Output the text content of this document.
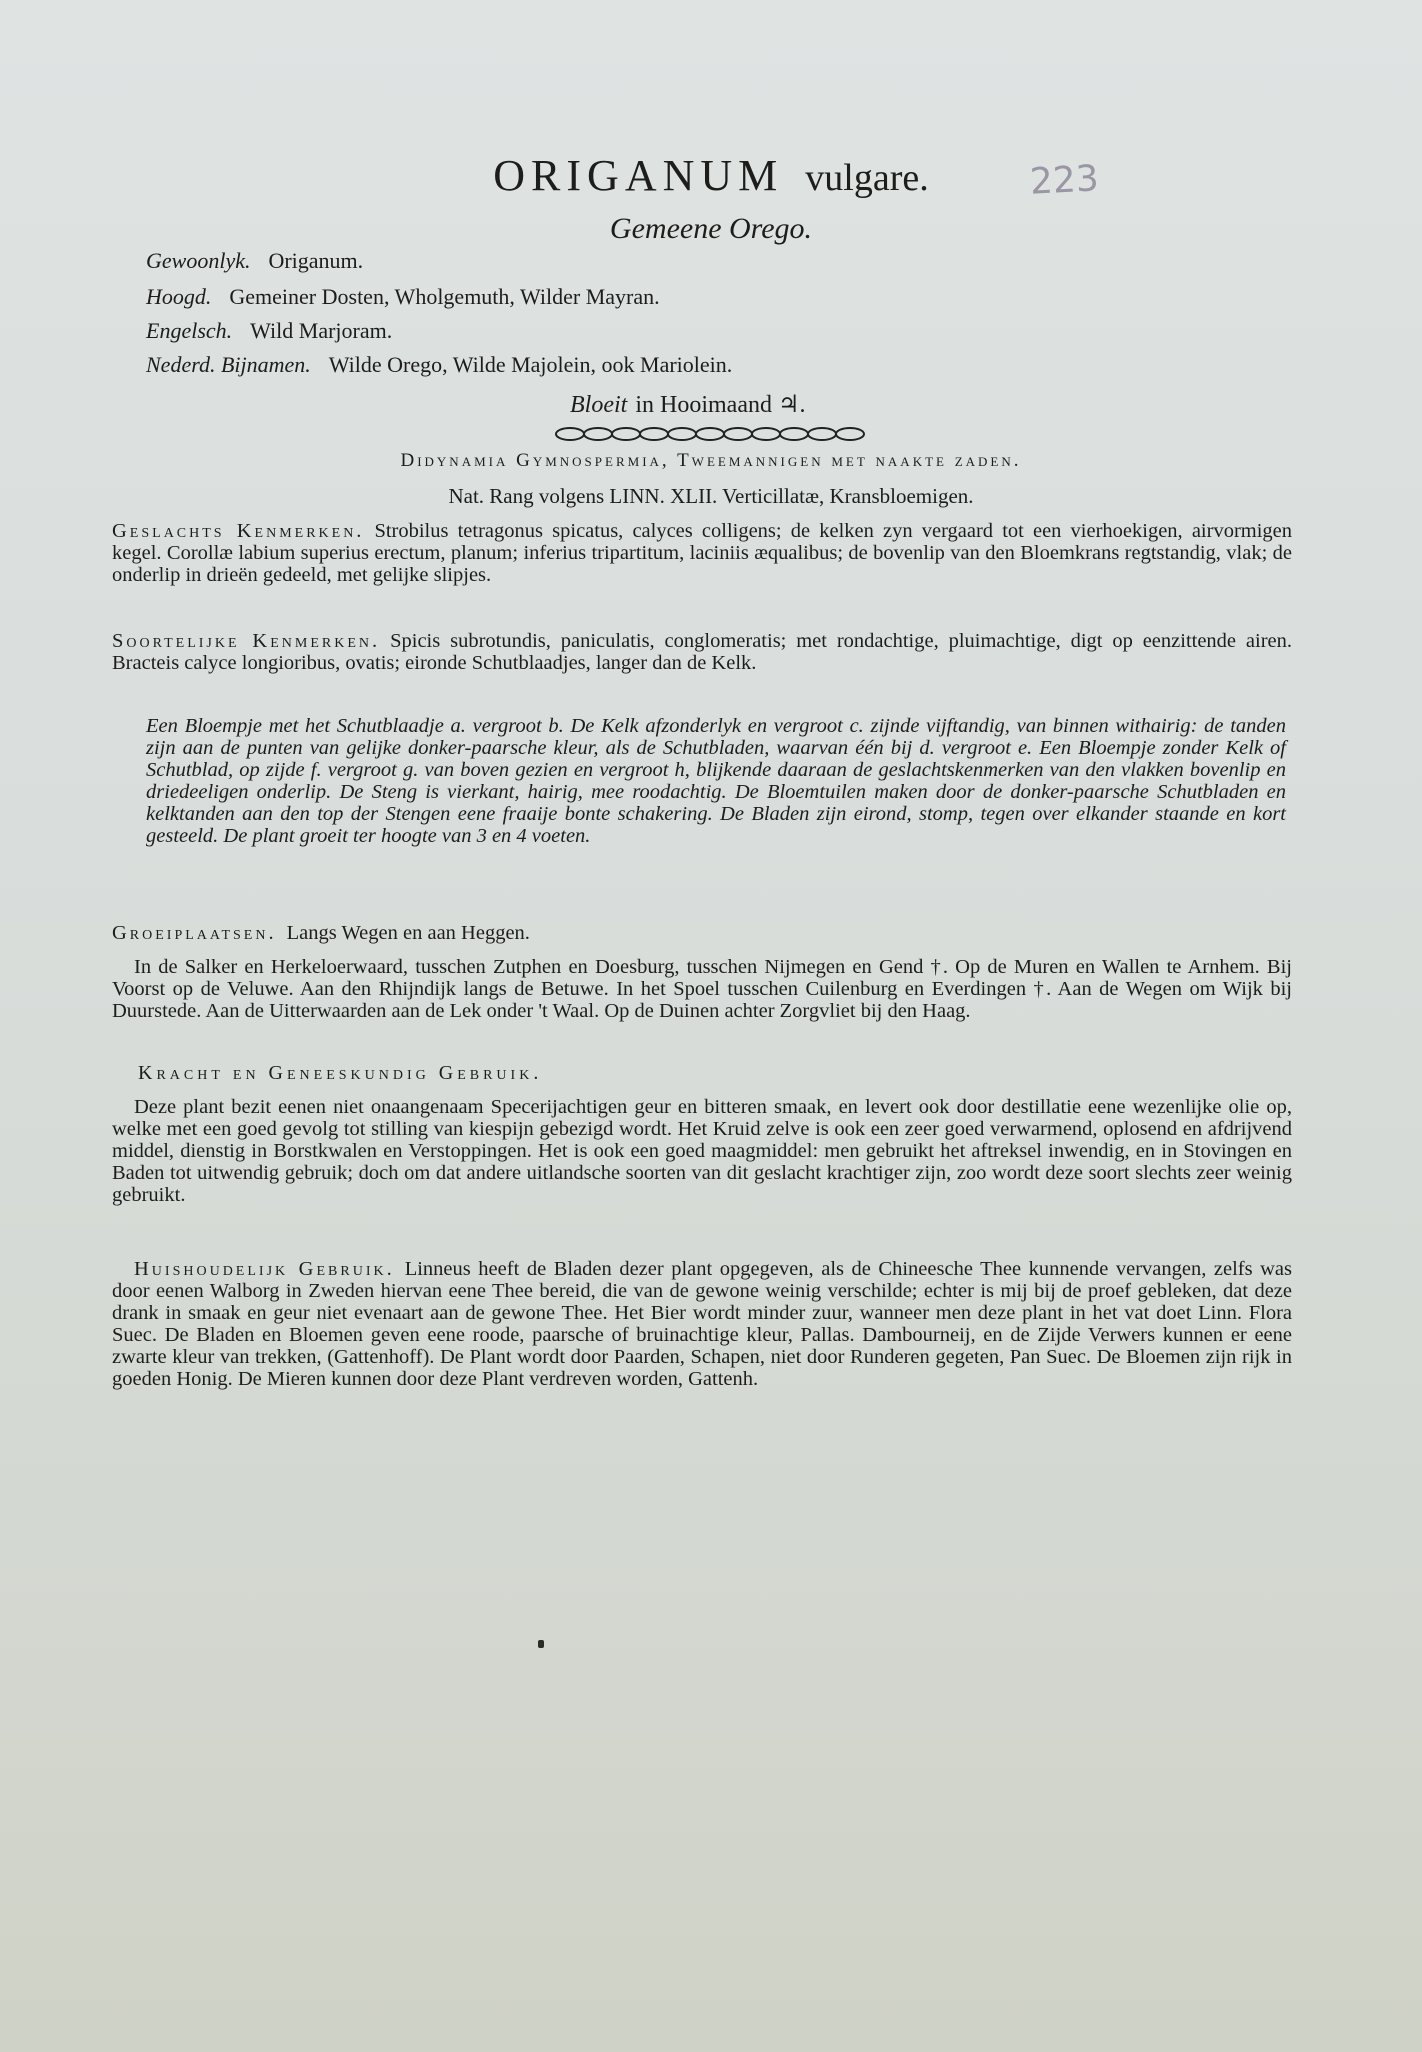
ORIGANUM vulgare.	223
Gemeene Orego.
Gewoonlyk. Origanum.
Hoogd. Gemeiner Dosten, Wholgemuth, Wilder Mayran.
Engelsch. Wild Marjoram.
Nederd. Bijnamen. Wilde Orego, Wilde Majolein, ook Mariolein.
Bloeit in Hooimaand ♃.
Didynamia Gymnospermia, Tweemannigen met naakte zaden.
Nat. Rang volgens LINN. XLII. Verticillatæ, Kransbloemigen.
Geslachts Kenmerken. Strobilus tetragonus spicatus, calyces colligens; de kelken zyn vergaard tot een vierhoekigen, airvormigen kegel. Corollæ labium superius erectum, planum; inferius tripartitum, laciniis æqualibus; de bovenlip van den Bloemkrans regtstandig, vlak; de onderlip in drieën gedeeld, met gelijke slipjes.
Soortelijke Kenmerken. Spicis subrotundis, paniculatis, conglomeratis; met rondachtige, pluimachtige, digt op eenzittende airen. Bracteis calyce longioribus, ovatis; eironde Schutblaadjes, langer dan de Kelk.
Een Bloempje met het Schutblaadje a. vergroot b. De Kelk afzonderlyk en vergroot c. zijnde vijftandig, van binnen withairig: de tanden zijn aan de punten van gelijke donker-paarsche kleur, als de Schutbladen, waarvan één bij d. vergroot e. Een Bloempje zonder Kelk of Schutblad, op zijde f. vergroot g. van boven gezien en vergroot h, blijkende daaraan de geslachtskenmerken van den vlakken bovenlip en driedeeligen onderlip. De Steng is vierkant, hairig, mee roodachtig. De Bloemtuilen maken door de donker-paarsche Schutbladen en kelktanden aan den top der Stengen eene fraaije bonte schakering. De Bladen zijn eirond, stomp, tegen over elkander staande en kort gesteeld. De plant groeit ter hoogte van 3 en 4 voeten.
Groeiplaatsen. Langs Wegen en aan Heggen.
In de Salker en Herkeloerwaard, tusschen Zutphen en Doesburg, tusschen Nijmegen en Gend †. Op de Muren en Wallen te Arnhem. Bij Voorst op de Veluwe. Aan den Rhijndijk langs de Betuwe. In het Spoel tusschen Cuilenburg en Everdingen †. Aan de Wegen om Wijk bij Duurstede. Aan de Uitterwaarden aan de Lek onder 't Waal. Op de Duinen achter Zorgvliet bij den Haag.
Kracht en Geneeskundig Gebruik.
Deze plant bezit eenen niet onaangenaam Specerijachtigen geur en bitteren smaak, en levert ook door destillatie eene wezenlijke olie op, welke met een goed gevolg tot stilling van kiespijn gebezigd wordt. Het Kruid zelve is ook een zeer goed verwarmend, oplosend en afdrijvend middel, dienstig in Borstkwalen en Verstoppingen. Het is ook een goed maagmiddel: men gebruikt het aftreksel inwendig, en in Stovingen en Baden tot uitwendig gebruik; doch om dat andere uitlandsche soorten van dit geslacht krachtiger zijn, zoo wordt deze soort slechts zeer weinig gebruikt.
Huishoudelijk Gebruik. Linneus heeft de Bladen dezer plant opgegeven, als de Chineesche Thee kunnende vervangen, zelfs was door eenen Walborg in Zweden hiervan eene Thee bereid, die van de gewone weinig verschilde; echter is mij bij de proef gebleken, dat deze drank in smaak en geur niet evenaart aan de gewone Thee. Het Bier wordt minder zuur, wanneer men deze plant in het vat doet Linn. Flora Suec. De Bladen en Bloemen geven eene roode, paarsche of bruinachtige kleur, Pallas. Dambourneij, en de Zijde Verwers kunnen er eene zwarte kleur van trekken, (Gattenhoff). De Plant wordt door Paarden, Schapen, niet door Runderen gegeten, Pan Suec. De Bloemen zijn rijk in goeden Honig. De Mieren kunnen door deze Plant verdreven worden, Gattenh.
